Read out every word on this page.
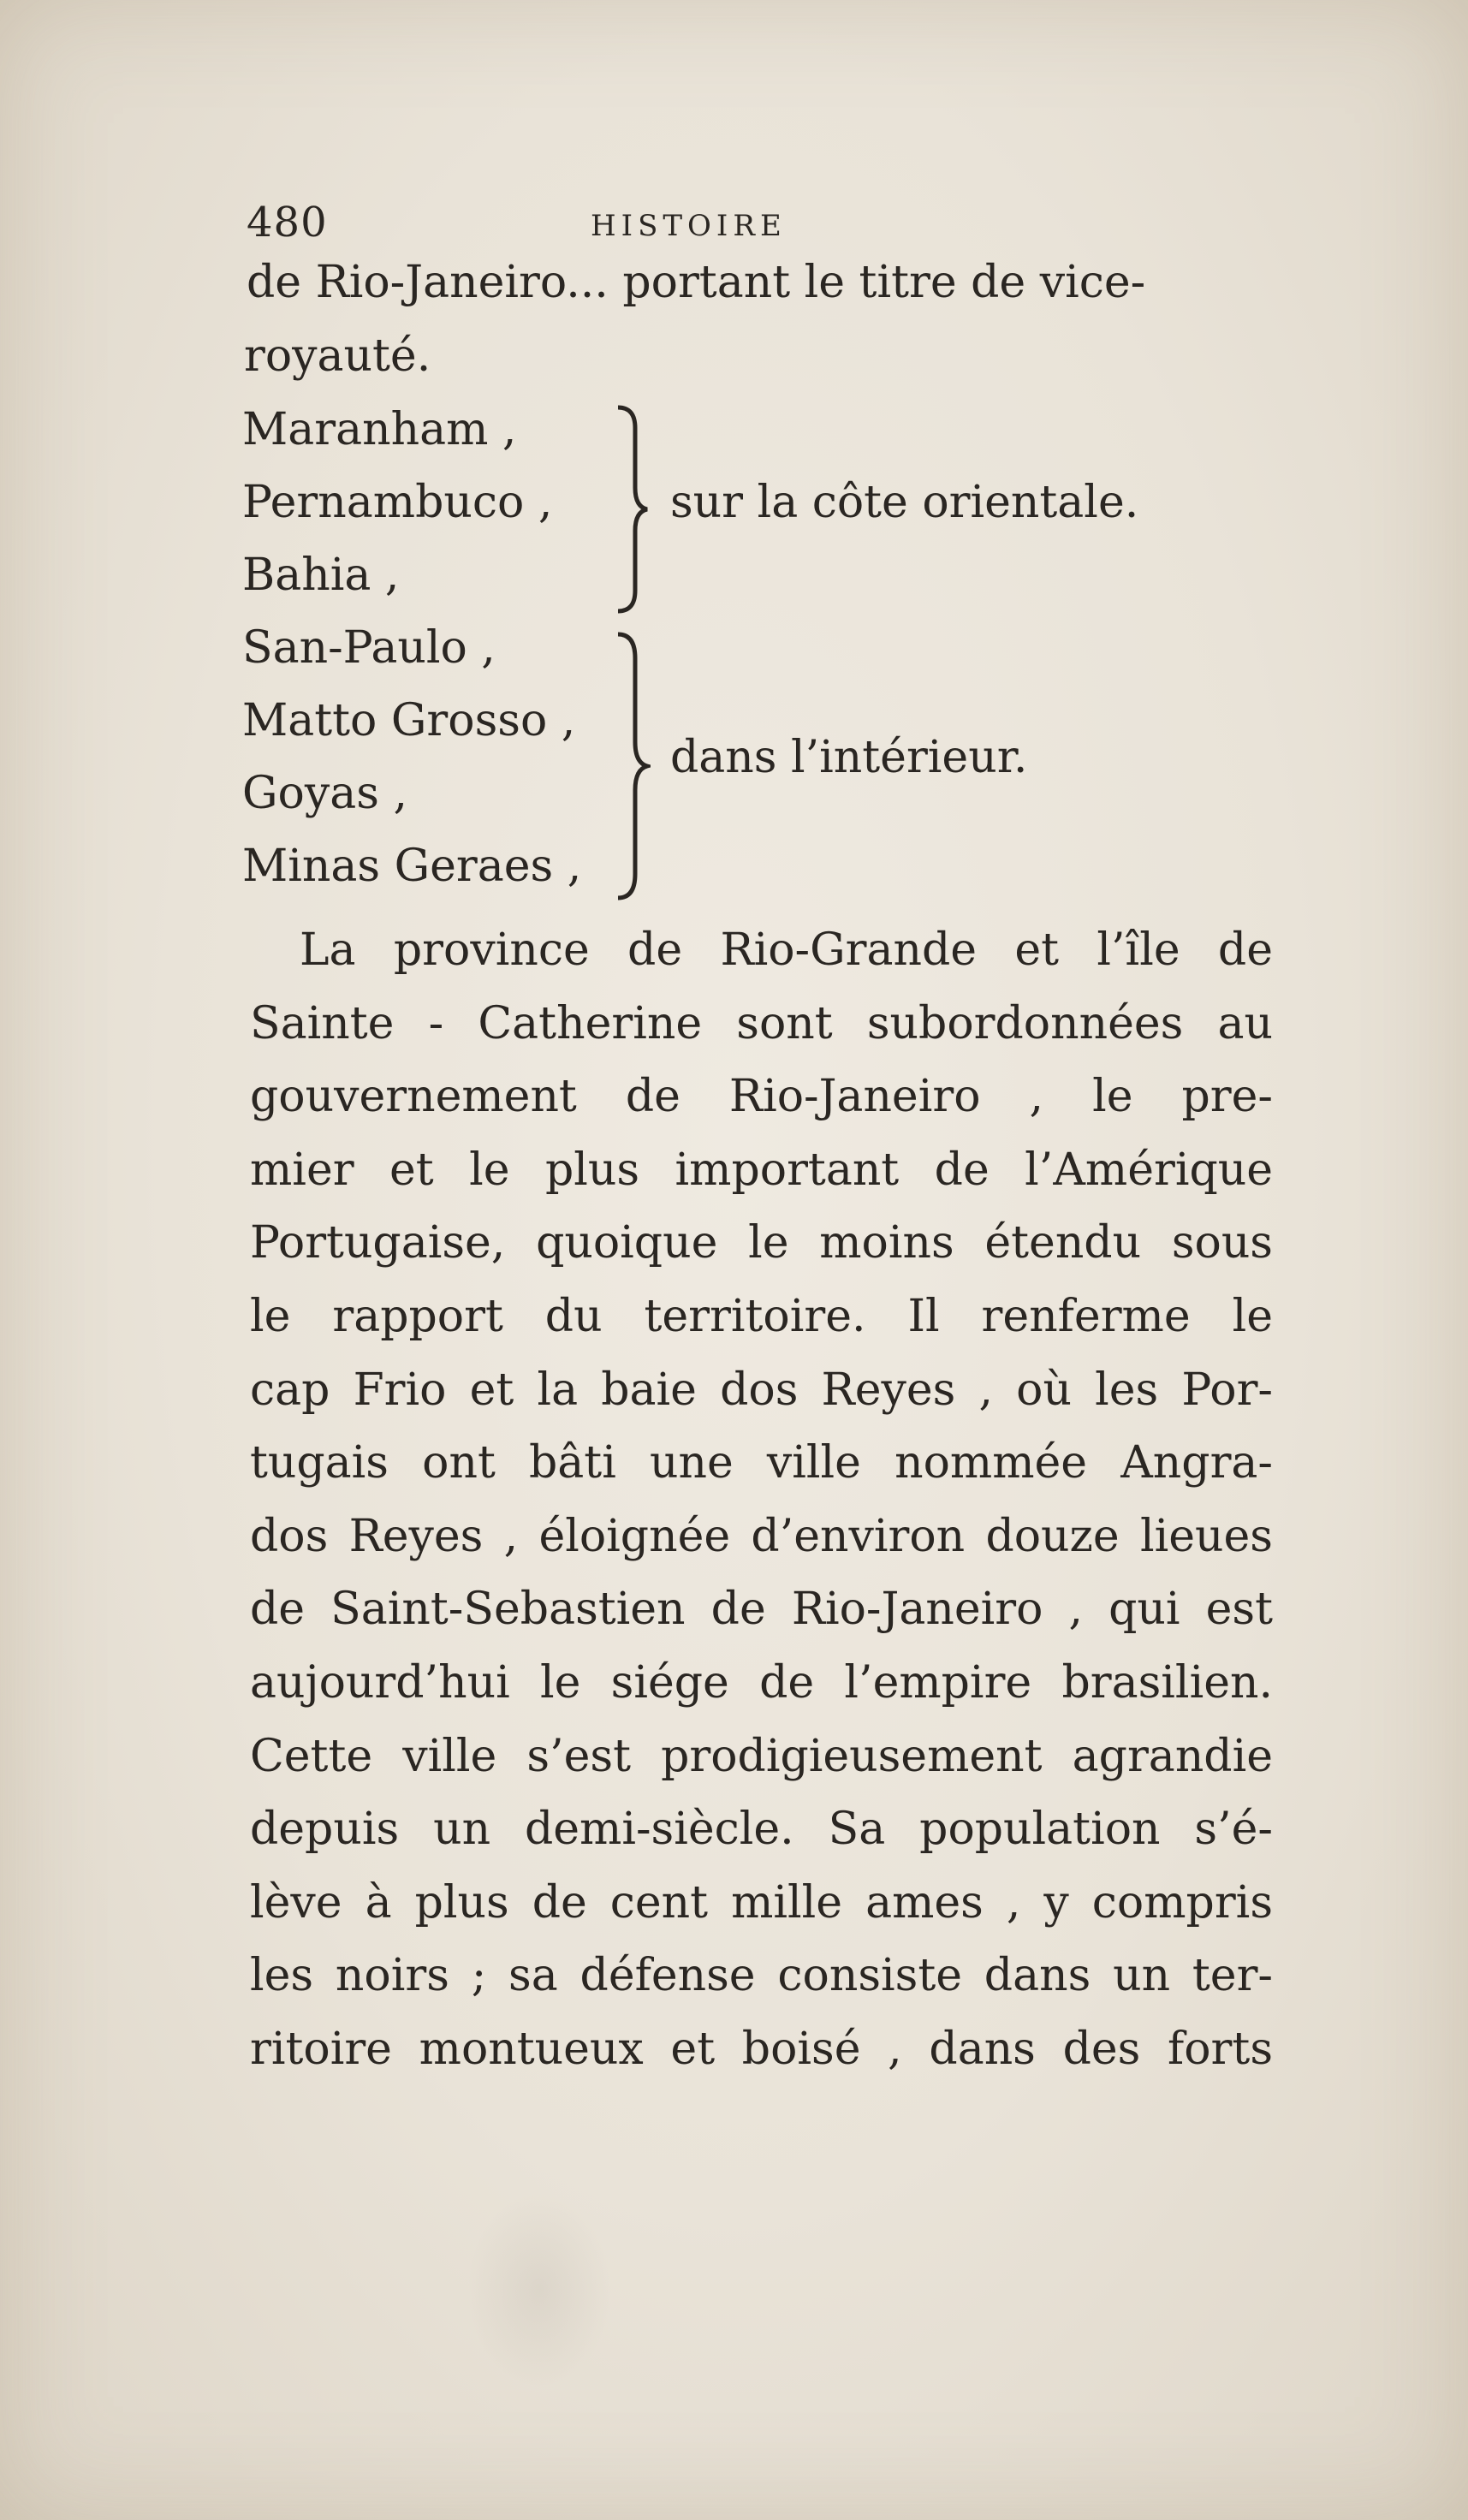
480	HISTOIRE
de Rio-Janeiro... portant le titre de vice-
royauté.
Maranham ,
Pernambuco ,
Bahia ,
sur la côte orientale.
San-Paulo ,
Matto Grosso ,
Goyas ,
Minas Geraes ,
dans l’intérieur.
La province de Rio-Grande et l’île de
Sainte - Catherine sont subordonnées au
gouvernement de Rio-Janeiro , le pre-
mier et le plus important de l’Amérique
Portugaise, quoique le moins étendu sous
le rapport du territoire. Il renferme le
cap Frio et la baie dos Reyes , où les Por-
tugais ont bâti une ville nommée Angra-
dos Reyes , éloignée d’environ douze lieues
de Saint-Sebastien de Rio-Janeiro , qui est
aujourd’hui le siége de l’empire brasilien.
Cette ville s’est prodigieusement agrandie
depuis un demi-siècle. Sa population s’é-
lève à plus de cent mille ames , y compris
les noirs ; sa défense consiste dans un ter-
ritoire montueux et boisé , dans des forts
